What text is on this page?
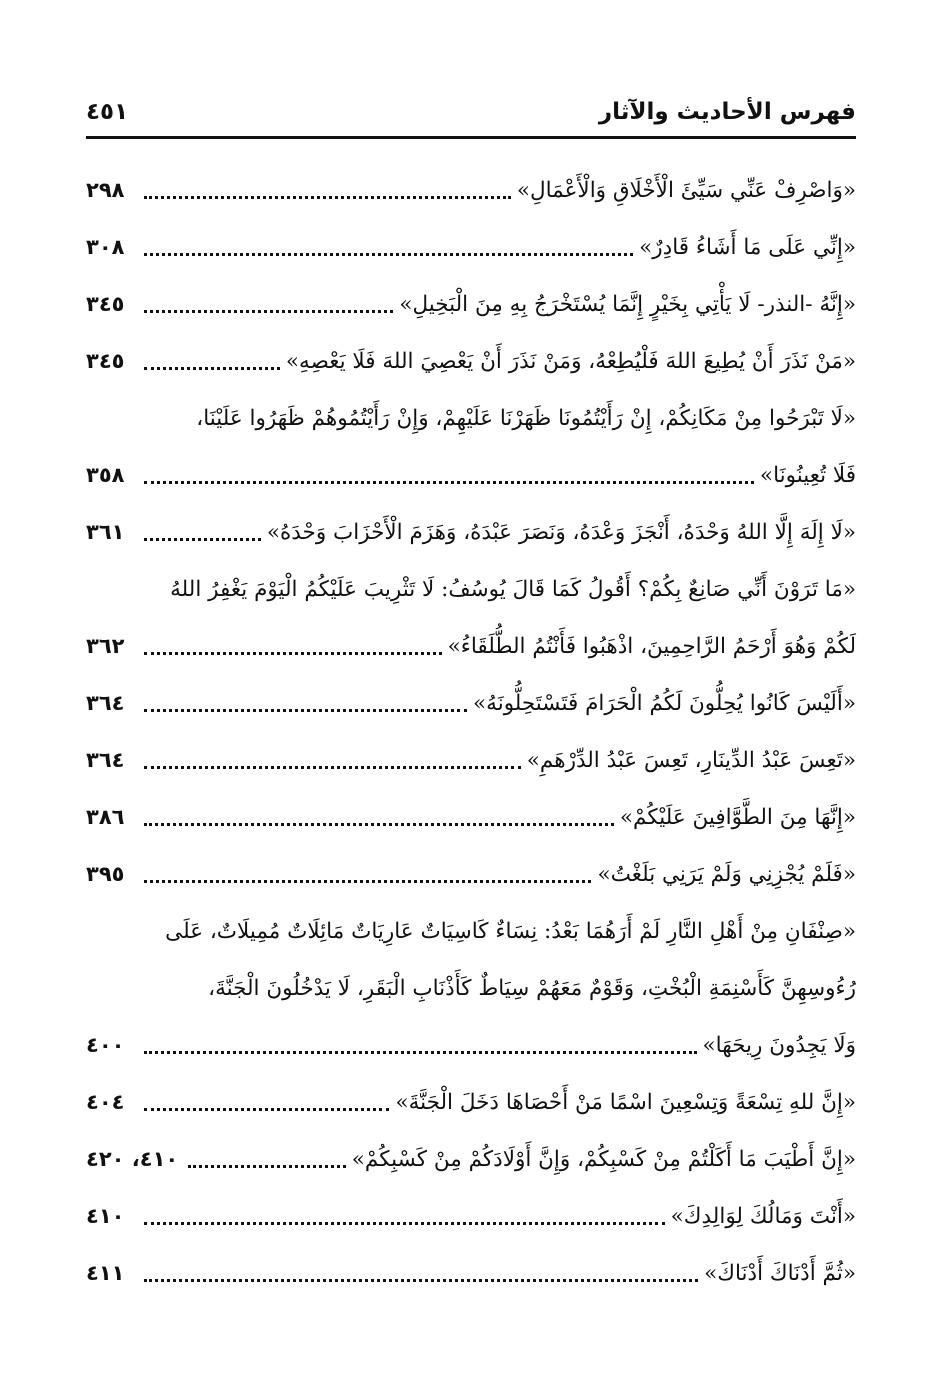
فهرس الأحاديث والآثار
٤٥١
«وَاصْرِفْ عَنِّي سَيِّئَ الْأَخْلَاقِ وَالْأَعْمَالِ»
٢٩٨
«إِنِّي عَلَى مَا أَشَاءُ قَادِرٌ»
٣٠٨
«إِنَّهُ -النذر- لَا يَأْتِي بِخَيْرٍ إِنَّمَا يُسْتَخْرَجُ بِهِ مِنَ الْبَخِيلِ»
٣٤٥
«مَنْ نَذَرَ أَنْ يُطِيعَ اللهَ فَلْيُطِعْهُ، وَمَنْ نَذَرَ أَنْ يَعْصِيَ اللهَ فَلَا يَعْصِهِ»
٣٤٥
«لَا تَبْرَحُوا مِنْ مَكَانِكُمْ، إِنْ رَأَيْتُمُونَا ظَهَرْنَا عَلَيْهِمْ، وَإِنْ رَأَيْتُمُوهُمْ ظَهَرُوا عَلَيْنَا،
فَلَا تُعِينُونَا»
٣٥٨
«لَا إِلَهَ إِلَّا اللهُ وَحْدَهُ، أَنْجَزَ وَعْدَهُ، وَنَصَرَ عَبْدَهُ، وَهَزَمَ الْأَحْزَابَ وَحْدَهُ»
٣٦١
«مَا تَرَوْنَ أَنِّي صَانِعٌ بِكُمْ؟ أَقُولُ كَمَا قَالَ يُوسُفُ: لَا تَثْرِيبَ عَلَيْكُمُ الْيَوْمَ يَغْفِرُ اللهُ
لَكُمْ وَهُوَ أَرْحَمُ الرَّاحِمِينَ، اذْهَبُوا فَأَنْتُمُ الطُّلَقَاءُ»
٣٦٢
«أَلَيْسَ كَانُوا يُحِلُّونَ لَكُمُ الْحَرَامَ فَتَسْتَحِلُّونَهُ»
٣٦٤
«تَعِسَ عَبْدُ الدِّينَارِ، تَعِسَ عَبْدُ الدِّرْهَمِ»
٣٦٤
«إِنَّهَا مِنَ الطَّوَّافِينَ عَلَيْكُمْ»
٣٨٦
«فَلَمْ يُجْزِنِي وَلَمْ يَرَنِي بَلَغْتُ»
٣٩٥
«صِنْفَانِ مِنْ أَهْلِ النَّارِ لَمْ أَرَهُمَا بَعْدُ: نِسَاءٌ كَاسِيَاتٌ عَارِيَاتٌ مَائِلَاتٌ مُمِيلَاتٌ، عَلَى
رُءُوسِهِنَّ كَأَسْنِمَةِ الْبُخْتِ، وَقَوْمٌ مَعَهُمْ سِيَاطٌ كَأَذْنَابِ الْبَقَرِ، لَا يَدْخُلُونَ الْجَنَّةَ،
وَلَا يَجِدُونَ رِيحَهَا»
٤٠٠
«إِنَّ للهِ تِسْعَةً وَتِسْعِينَ اسْمًا مَنْ أَحْصَاهَا دَخَلَ الْجَنَّةَ»
٤٠٤
«إِنَّ أَطْيَبَ مَا أَكَلْتُمْ مِنْ كَسْبِكُمْ، وَإِنَّ أَوْلَادَكُمْ مِنْ كَسْبِكُمْ»
٤١٠، ٤٢٠
«أَنْتَ وَمَالُكَ لِوَالِدِكَ»
٤١٠
«ثُمَّ أَدْنَاكَ أَدْنَاكَ»
٤١١
